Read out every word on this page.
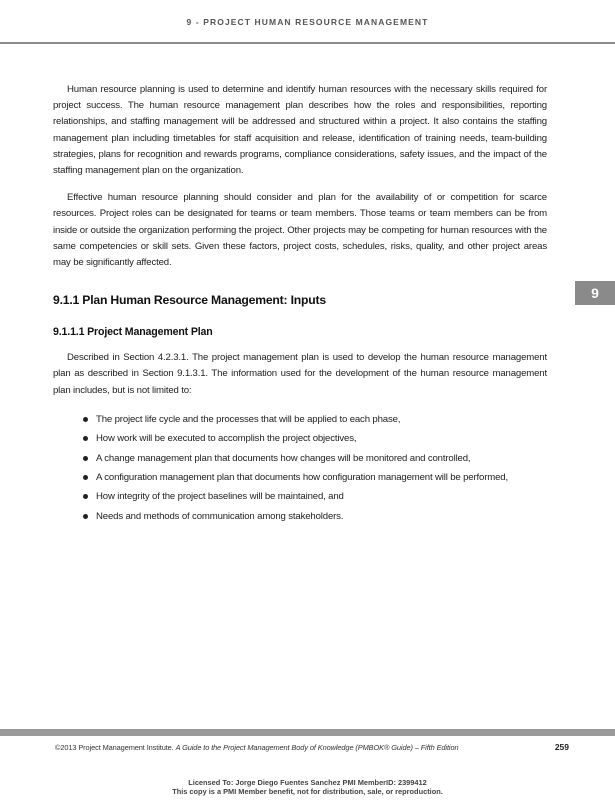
9 - PROJECT HUMAN RESOURCE MANAGEMENT
9

Human resource planning is used to determine and identify human resources with the necessary skills required for project success. The human resource management plan describes how the roles and responsibilities, reporting relationships, and staffing management will be addressed and structured within a project. It also contains the staffing management plan including timetables for staff acquisition and release, identification of training needs, team-building strategies, plans for recognition and rewards programs, compliance considerations, safety issues, and the impact of the staffing management plan on the organization.

Effective human resource planning should consider and plan for the availability of or competition for scarce resources. Project roles can be designated for teams or team members. Those teams or team members can be from inside or outside the organization performing the project. Other projects may be competing for human resources with the same competencies or skill sets. Given these factors, project costs, schedules, risks, quality, and other project areas may be significantly affected.

9.1.1 Plan Human Resource Management: Inputs
9.1.1.1 Project Management Plan

Described in Section 4.2.3.1. The project management plan is used to develop the human resource management plan as described in Section 9.1.3.1. The information used for the development of the human resource management plan includes, but is not limited to:

The project life cycle and the processes that will be applied to each phase,
How work will be executed to accomplish the project objectives,
A change management plan that documents how changes will be monitored and controlled,
A configuration management plan that documents how configuration management will be performed,
How integrity of the project baselines will be maintained, and
Needs and methods of communication among stakeholders.
©2013 Project Management Institute. A Guide to the Project Management Body of Knowledge (PMBOK® Guide) – Fifth Edition	259
Licensed To: Jorge Diego Fuentes Sanchez PMI MemberID: 2399412
This copy is a PMI Member benefit, not for distribution, sale, or reproduction.
